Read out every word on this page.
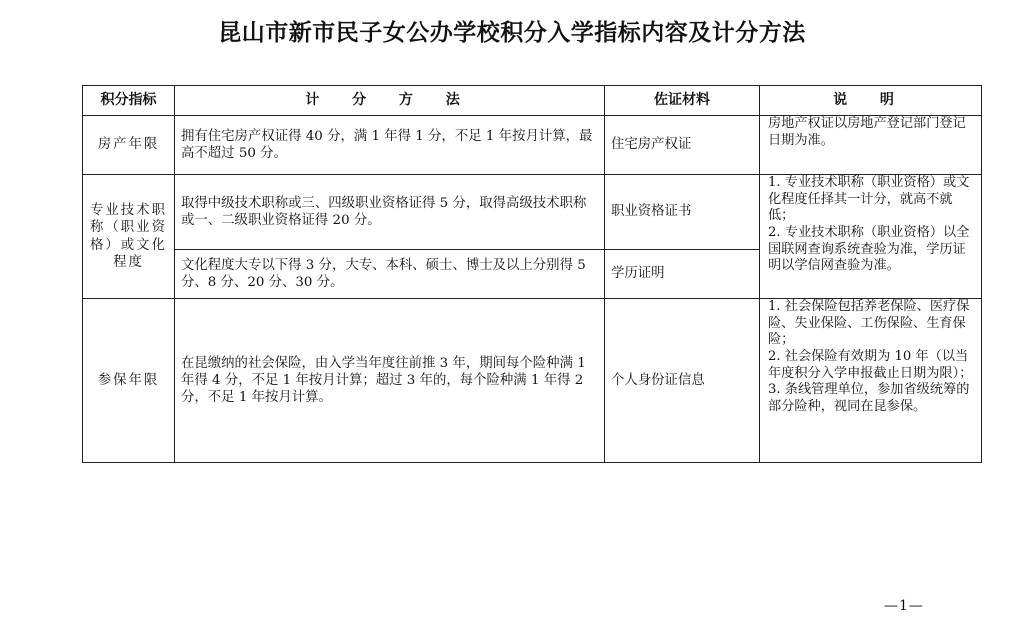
昆山市新市民子女公办学校积分入学指标内容及计分方法
积分指标	计 分 方 法	佐证材料	说 明
房产年限	拥有住宅房产权证得 40 分，满 1 年得 1 分，不足 1 年按月计算，最高不超过 50 分。	住宅房产权证	房地产权证以房地产登记部门登记日期为准。

专业技术职称（职业资格）或文化程度	取得中级技术职称或三、四级职业资格证得 5 分，取得高级技术职称或一、二级职业资格证得 20 分。	职业资格证书	1. 专业技术职称（职业资格）或文化程度任择其一计分，就高不就低；
2. 专业技术职称（职业资格）以全国联网查询系统查验为准，学历证明以学信网查验为准。

	文化程度大专以下得 3 分，大专、本科、硕士、博士及以上分别得 5 分、8 分、20 分、30 分。	学历证明	
参保年限	在昆缴纳的社会保险，由入学当年度往前推 3 年，期间每个险种满 1 年得 4 分，不足 1 年按月计算；超过 3 年的，每个险种满 1 年得 2 分，不足 1 年按月计算。	个人身份证信息	1. 社会保险包括养老保险、医疗保险、失业保险、工伤保险、生育保险；
2. 社会保险有效期为 10 年（以当年度积分入学申报截止日期为限）；
3. 条线管理单位，参加省级统筹的部分险种，视同在昆参保。
—1—
